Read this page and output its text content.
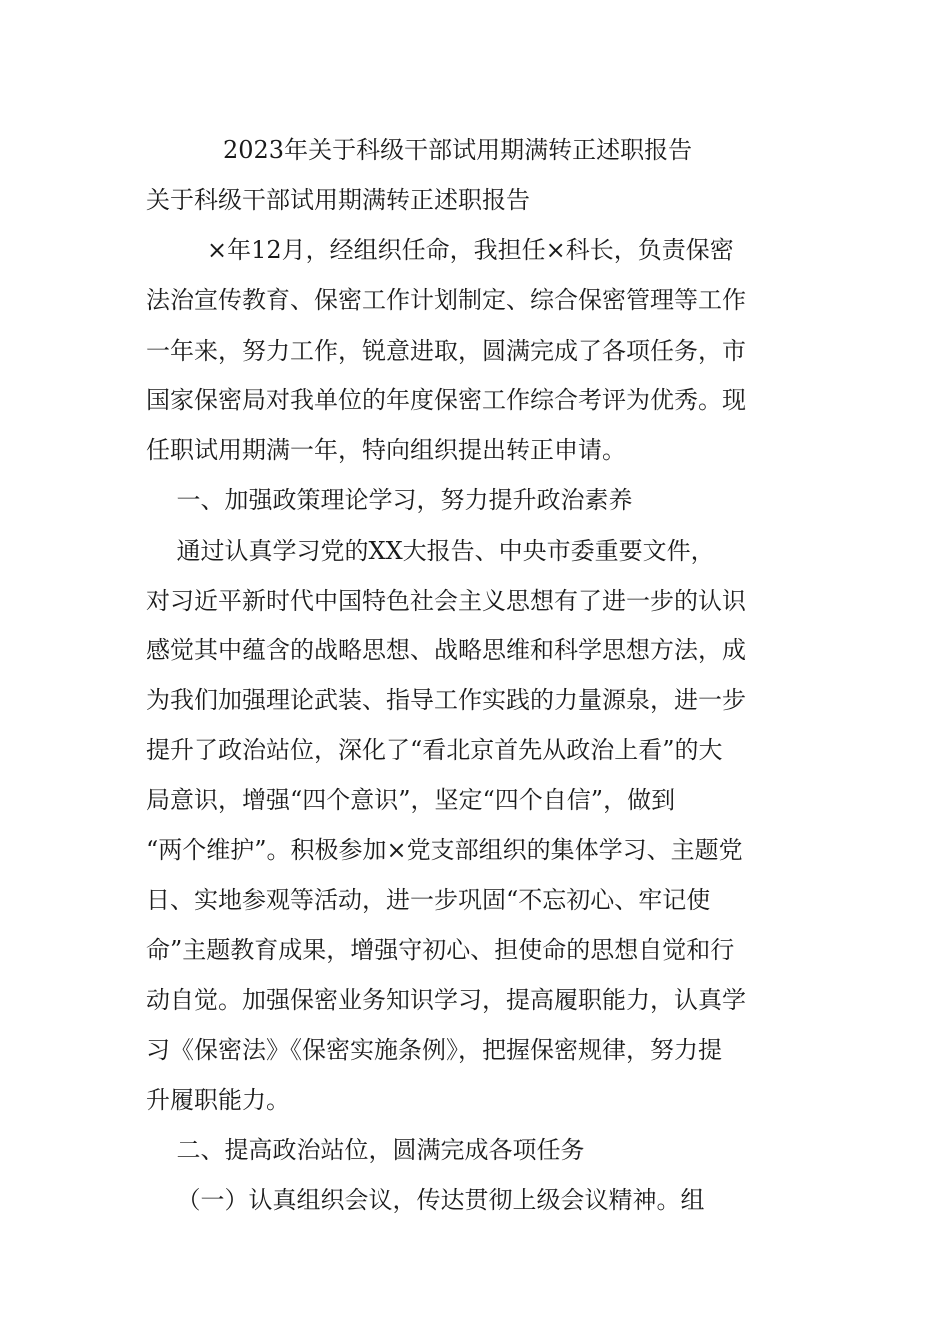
2023年关于科级干部试用期满转正述职报告
关于科级干部试用期满转正述职报告
×年12月，经组织任命，我担任×科长，负责保密
法治宣传教育、保密工作计划制定、综合保密管理等工作
一年来，努力工作，锐意进取，圆满完成了各项任务，市
国家保密局对我单位的年度保密工作综合考评为优秀。现
任职试用期满一年，特向组织提出转正申请。
一、加强政策理论学习，努力提升政治素养
通过认真学习党的XX大报告、中央市委重要文件，
对习近平新时代中国特色社会主义思想有了进一步的认识
感觉其中蕴含的战略思想、战略思维和科学思想方法，成
为我们加强理论武装、指导工作实践的力量源泉，进一步
提升了政治站位，深化了“看北京首先从政治上看”的大
局意识，增强“四个意识”，坚定“四个自信”，做到
“两个维护”。积极参加×党支部组织的集体学习、主题党
日、实地参观等活动，进一步巩固“不忘初心、牢记使
命”主题教育成果，增强守初心、担使命的思想自觉和行
动自觉。加强保密业务知识学习，提高履职能力，认真学
习《保密法》《保密实施条例》，把握保密规律，努力提
升履职能力。
二、提高政治站位，圆满完成各项任务
（一）认真组织会议，传达贯彻上级会议精神。组
